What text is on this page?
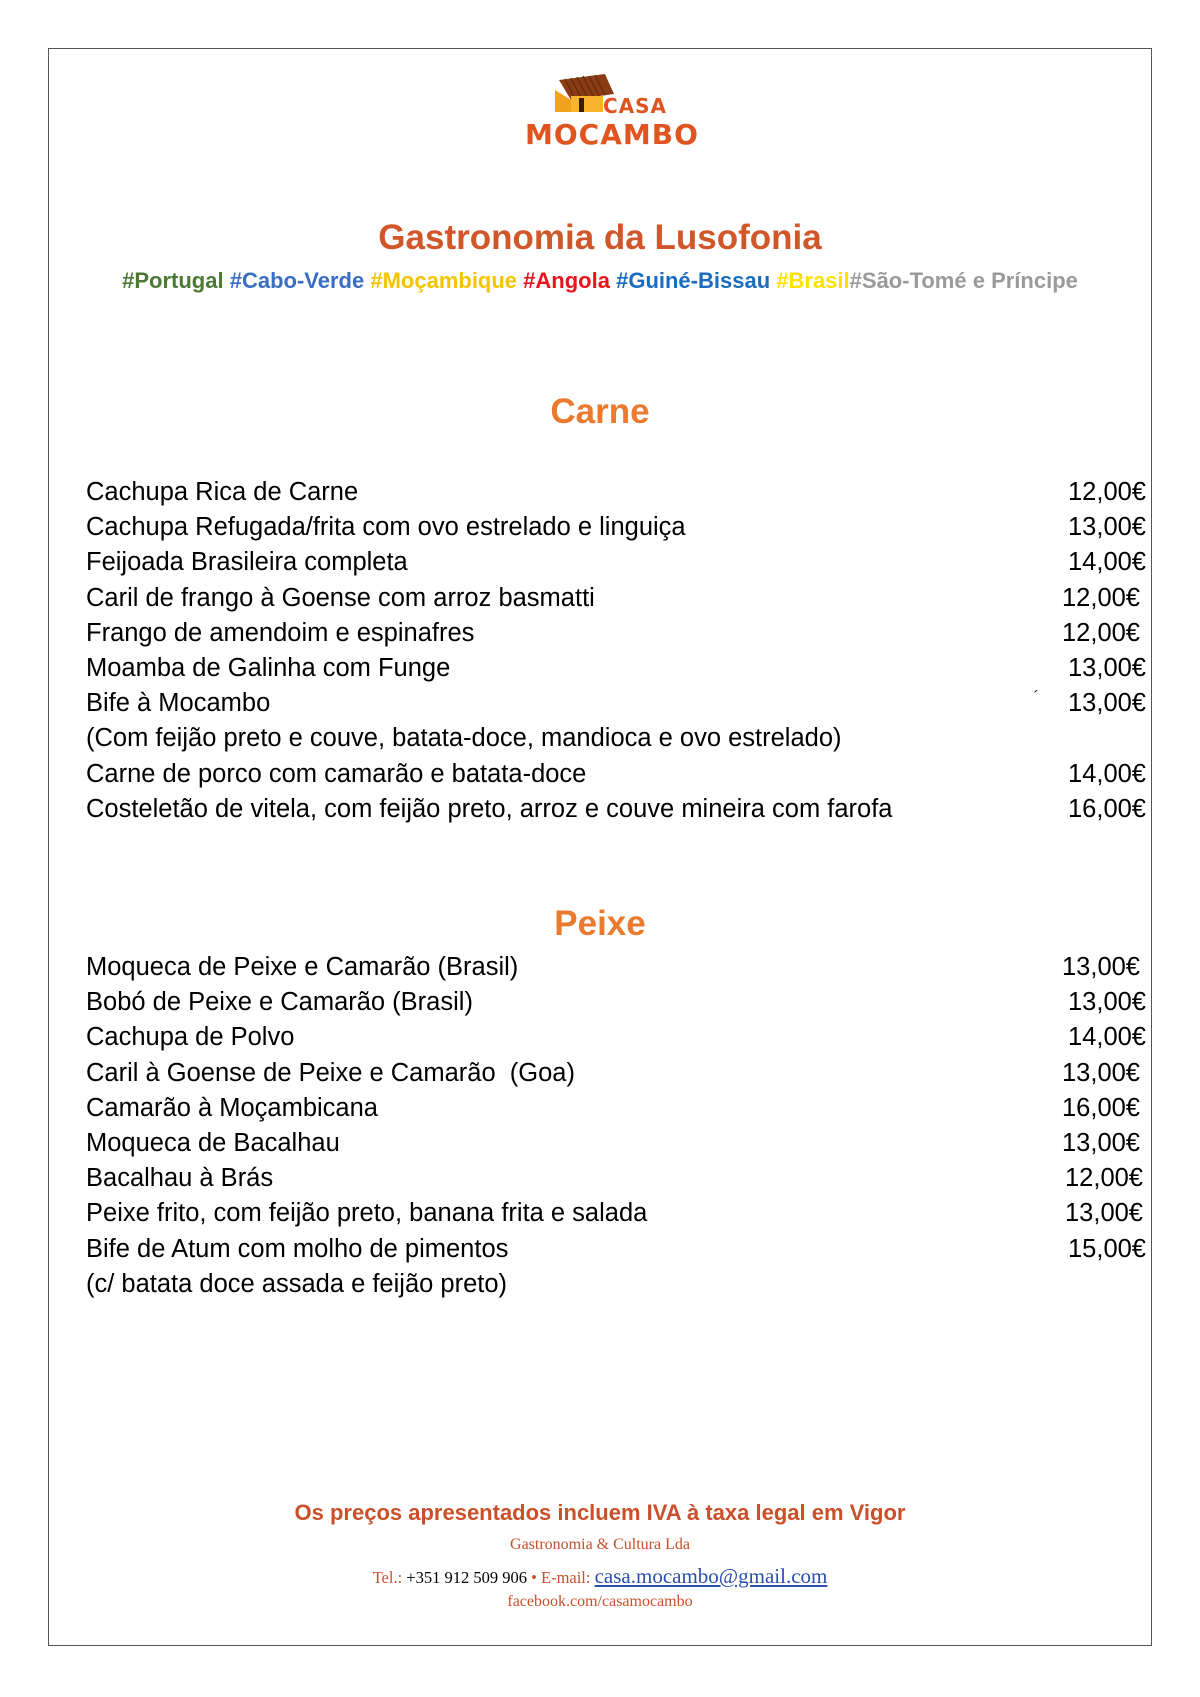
CASA
MOCAMBO
Gastronomia da Lusofonia
#Portugal #Cabo-Verde #Moçambique #Angola #Guiné-Bissau #Brasil#São-Tomé e Príncipe
Carne
Cachupa Rica de Carne	12,00€
Cachupa Refugada/frita com ovo estrelado e linguiça	13,00€
Feijoada Brasileira completa	14,00€
Caril de frango à Goense com arroz basmatti	12,00€
Frango de amendoim e espinafres	12,00€
Moamba de Galinha com Funge	13,00€
Bife à Mocambo	´ 13,00€
(Com feijão preto e couve, batata-doce, mandioca e ovo estrelado)
Carne de porco com camarão e batata-doce	14,00€
Costeletão de vitela, com feijão preto, arroz e couve mineira com farofa	16,00€
Peixe
Moqueca de Peixe e Camarão (Brasil)	13,00€
Bobó de Peixe e Camarão (Brasil)	13,00€
Cachupa de Polvo	14,00€
Caril à Goense de Peixe e Camarão  (Goa)	13,00€
Camarão à Moçambicana	16,00€
Moqueca de Bacalhau	13,00€
Bacalhau à Brás	12,00€
Peixe frito, com feijão preto, banana frita e salada	13,00€
Bife de Atum com molho de pimentos	15,00€
(c/ batata doce assada e feijão preto)
Os preços apresentados incluem IVA à taxa legal em Vigor
Gastronomia & Cultura Lda
Tel.: +351 912 509 906 • E-mail: casa.mocambo@gmail.com
facebook.com/casamocambo
